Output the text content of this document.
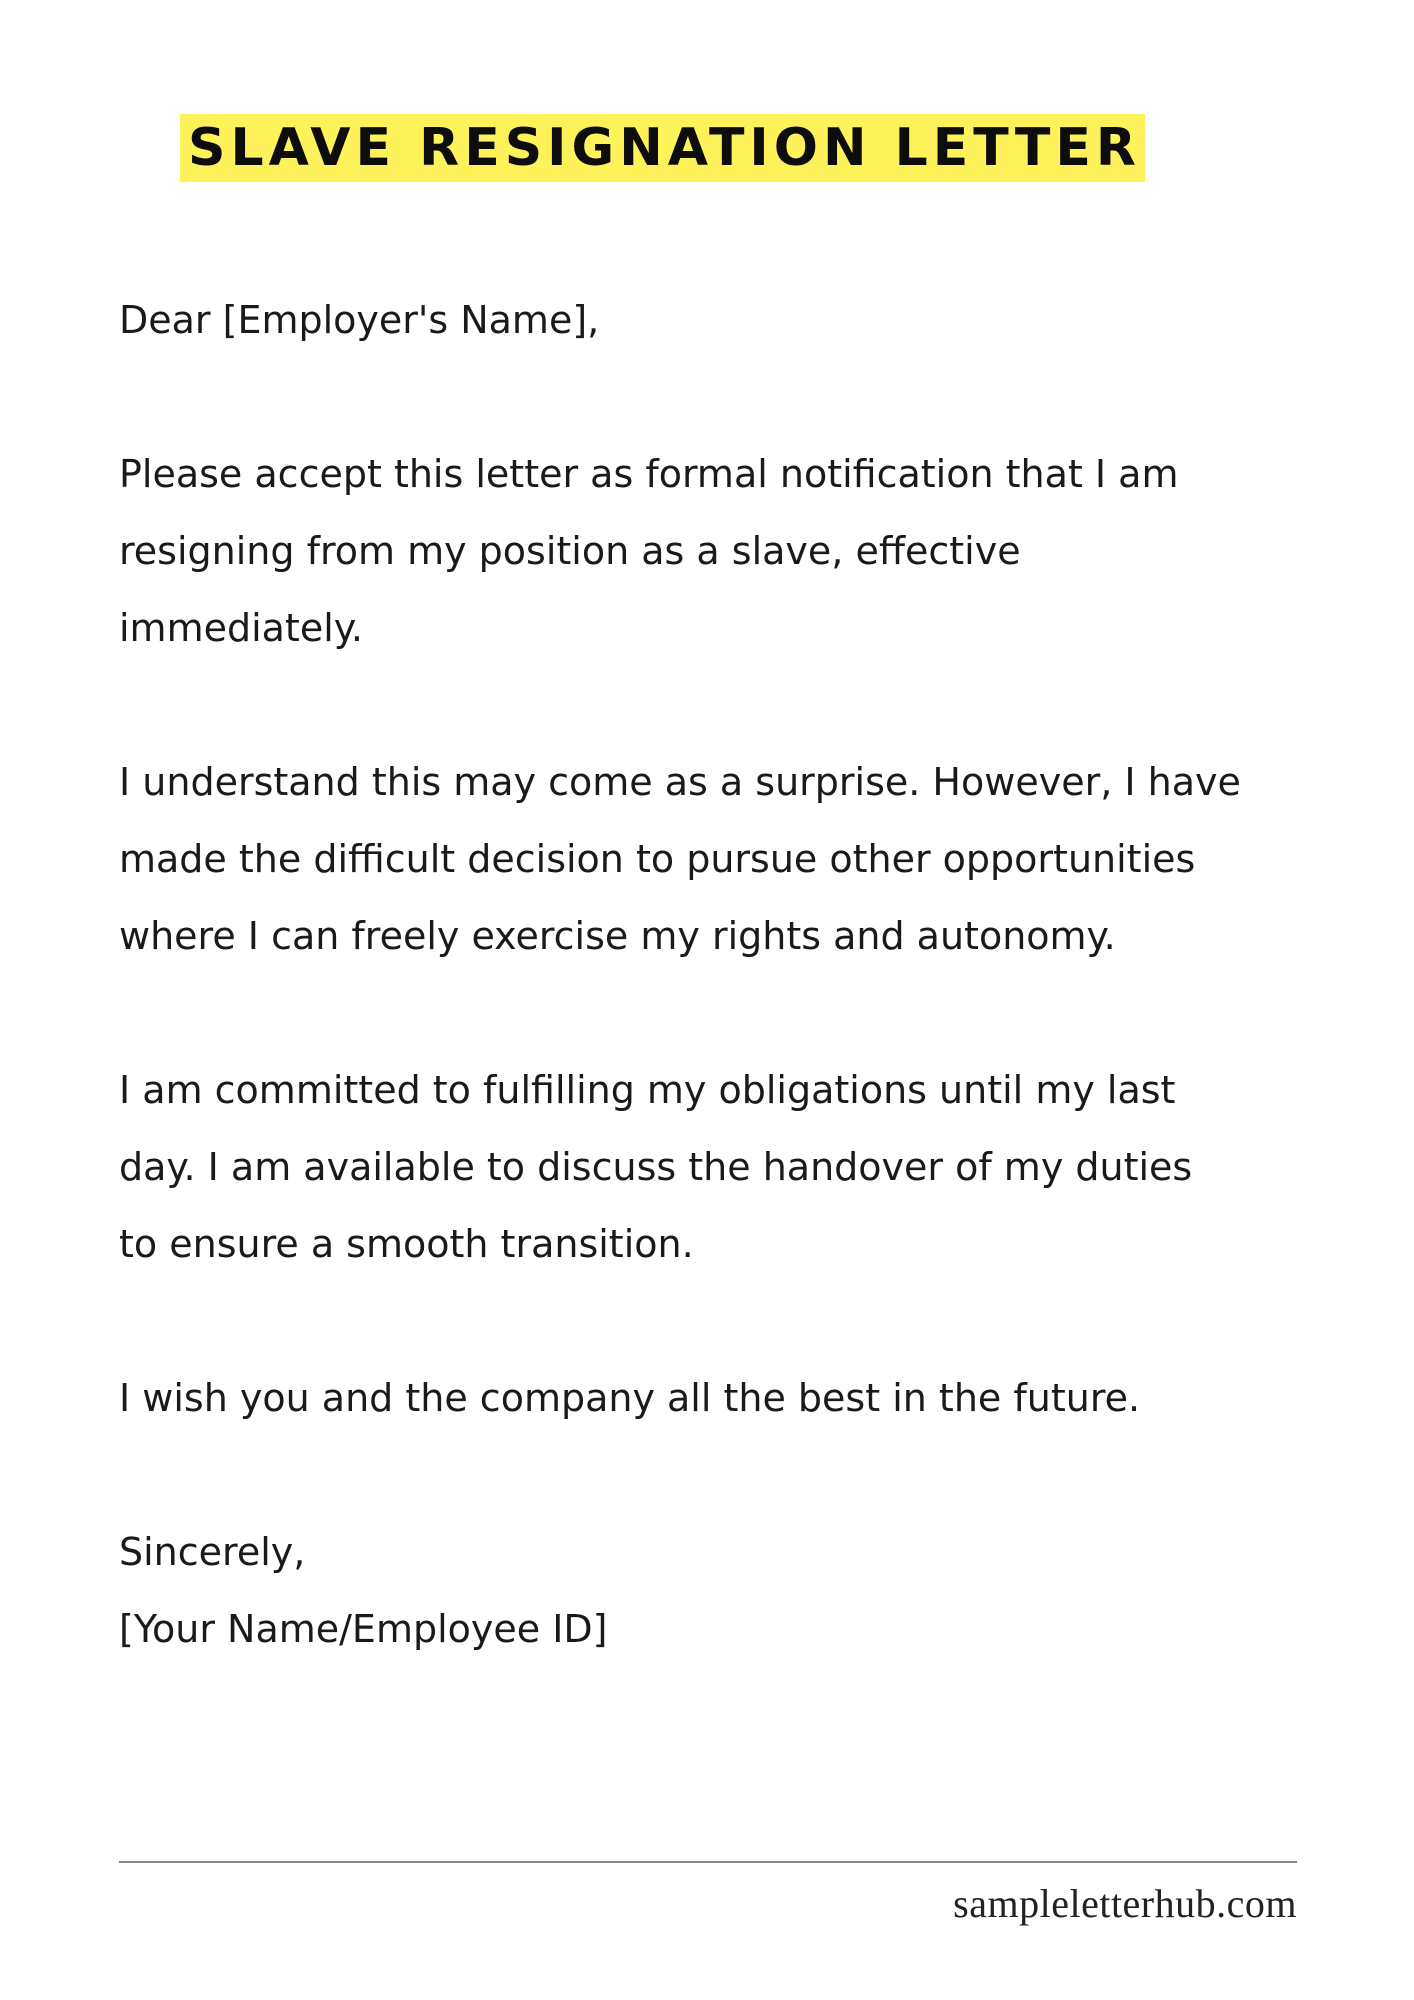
SLAVE RESIGNATION LETTER

Dear [Employer's Name],

Please accept this letter as formal notification that I am
resigning from my position as a slave, effective
immediately.

I understand this may come as a surprise. However, I have
made the difficult decision to pursue other opportunities
where I can freely exercise my rights and autonomy.

I am committed to fulfilling my obligations until my last
day. I am available to discuss the handover of my duties
to ensure a smooth transition.

I wish you and the company all the best in the future.

Sincerely,

[Your Name/Employee ID]

sampleletterhub.com
